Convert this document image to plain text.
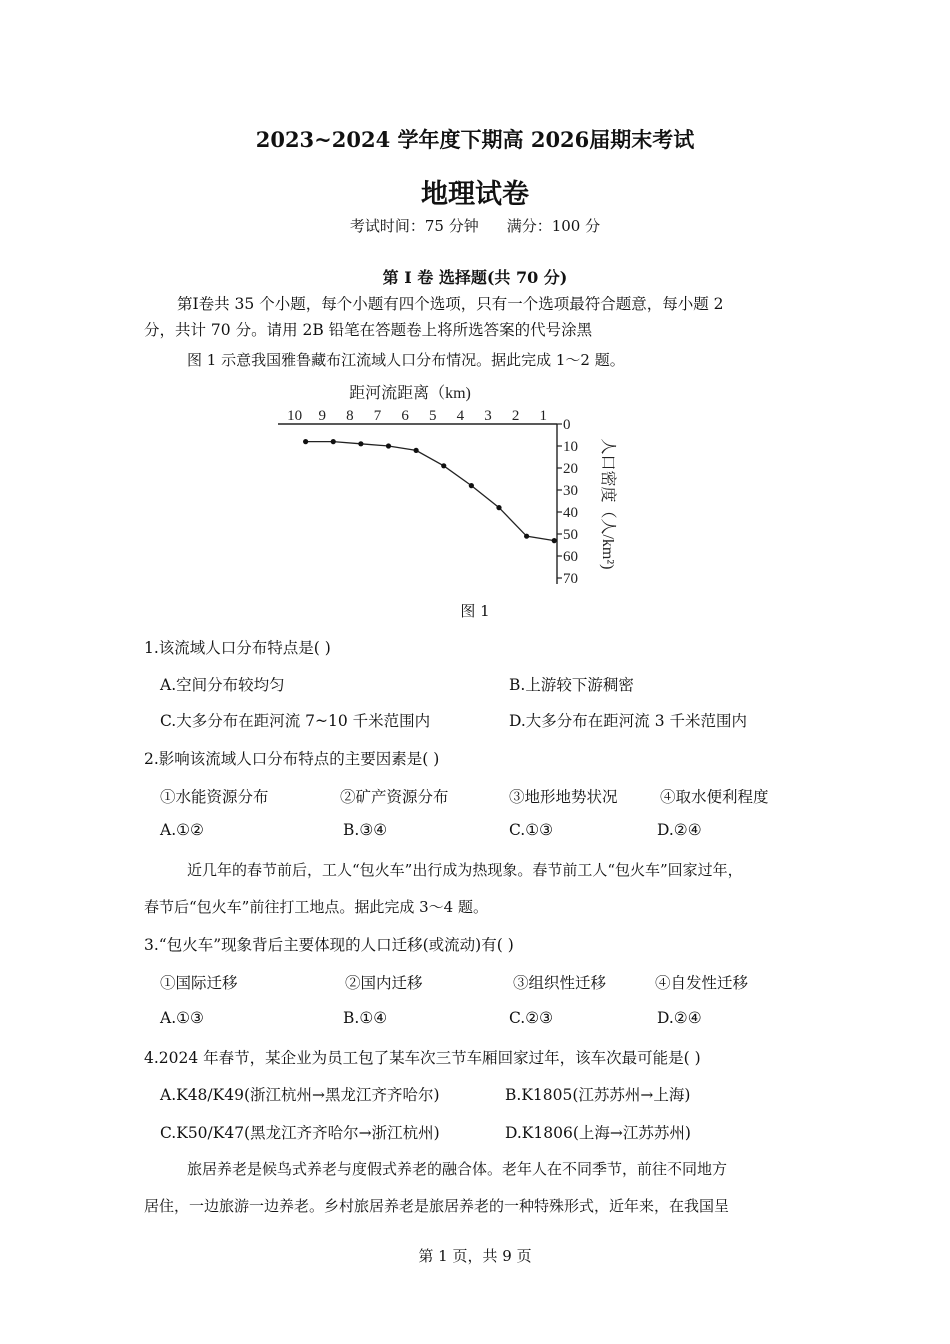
2023~2024 学年度下期高 2026届期末考试
地理试卷
考试时间：75 分钟 满分：100 分
第 I 卷 选择题(共 70 分)
第Ⅰ卷共 35 个小题，每个小题有四个选项，只有一个选项最符合题意，每小题 2
分，共计 70 分。请用 2B 铅笔在答题卷上将所选答案的代号涂黑
图 1 示意我国雅鲁藏布江流域人口分布情况。据此完成 1～2 题。
距河流距离（km)
10 9 8 7 6 5 4 3 2 1
0
10
20
30
40
50
60
70
人口密度（人/km²)
图 1
1.该流域人口分布特点是( )
A.空间分布较均匀	B.上游较下游稠密
C.大多分布在距河流 7~10 千米范围内	D.大多分布在距河流 3 千米范围内
2.影响该流域人口分布特点的主要因素是( )
①水能资源分布	②矿产资源分布	③地形地势状况	④取水便利程度
A.①②	B.③④	C.①③	D.②④
近几年的春节前后，工人“包火车”出行成为热现象。春节前工人“包火车”回家过年，
春节后“包火车”前往打工地点。据此完成 3～4 题。
3.“包火车”现象背后主要体现的人口迁移(或流动)有( )
①国际迁移	②国内迁移	③组织性迁移	④自发性迁移
A.①③	B.①④	C.②③	D.②④
4.2024 年春节，某企业为员工包了某车次三节车厢回家过年，该车次最可能是( )
A.K48/K49(浙江杭州→黑龙江齐齐哈尔)	B.K1805(江苏苏州→上海)
C.K50/K47(黑龙江齐齐哈尔→浙江杭州)	D.K1806(上海→江苏苏州)
旅居养老是候鸟式养老与度假式养老的融合体。老年人在不同季节，前往不同地方
居住，一边旅游一边养老。乡村旅居养老是旅居养老的一种特殊形式，近年来，在我国呈
第 1 页，共 9 页
